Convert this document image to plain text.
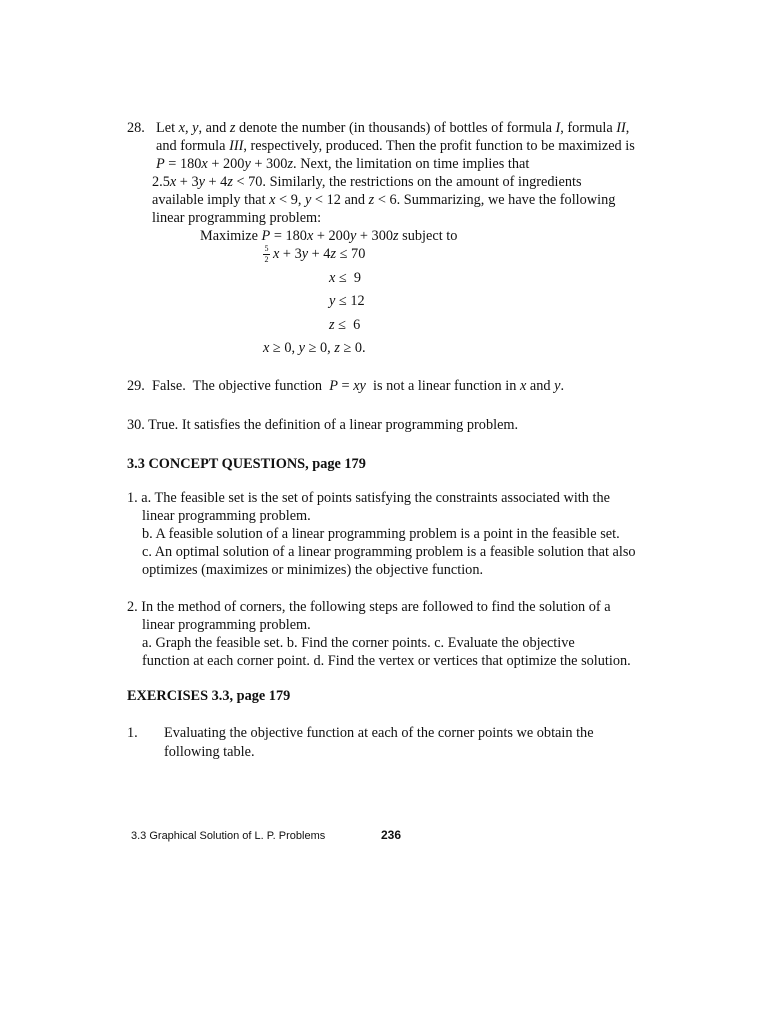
28. Let x, y, and z denote the number (in thousands) of bottles of formula I, formula II,
and formula III, respectively, produced. Then the profit function to be maximized is
P = 180x + 200y + 300z. Next, the limitation on time implies that
2.5x + 3y + 4z < 70. Similarly, the restrictions on the amount of ingredients
available imply that x < 9, y < 12 and z < 6. Summarizing, we have the following
linear programming problem:
Maximize P = 180x + 200y + 300z subject to
$\frac{5}{2}$ x + 3y + 4z ≤ 70
x ≤  9
y ≤ 12
z ≤  6
x ≥ 0, y ≥ 0, z ≥ 0.
29.  False.  The objective function  P = xy  is not a linear function in x and y.
30. True. It satisfies the definition of a linear programming problem.
3.3 CONCEPT QUESTIONS, page 179
1. a. The feasible set is the set of points satisfying the constraints associated with the
linear programming problem.
b. A feasible solution of a linear programming problem is a point in the feasible set.
c. An optimal solution of a linear programming problem is a feasible solution that also
optimizes (maximizes or minimizes) the objective function.
2. In the method of corners, the following steps are followed to find the solution of a
linear programming problem.
a. Graph the feasible set. b. Find the corner points. c. Evaluate the objective
function at each corner point. d. Find the vertex or vertices that optimize the solution.
EXERCISES 3.3, page 179
1. Evaluating the objective function at each of the corner points we obtain the
following table.
3.3 Graphical Solution of L. P. Problems	236
